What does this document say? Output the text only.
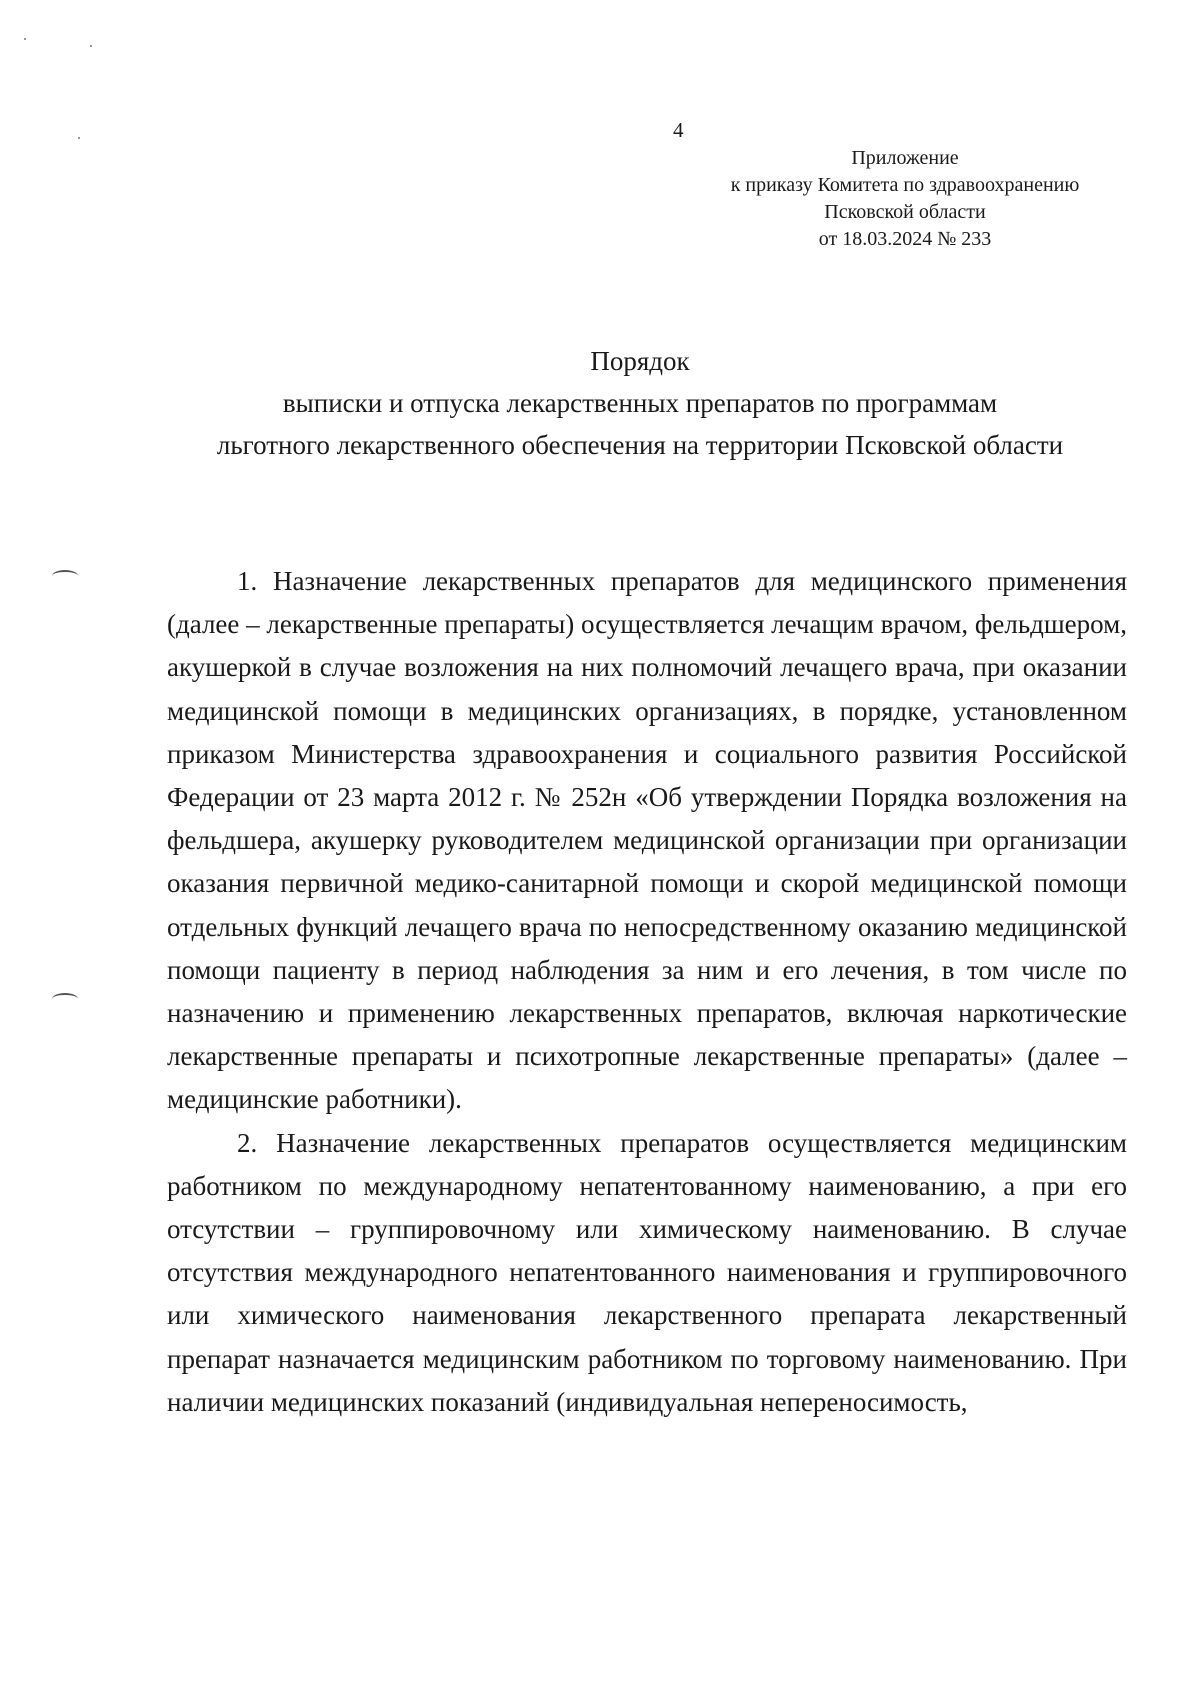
4
Приложение
к приказу Комитета по здравоохранению
Псковской области
от 18.03.2024 № 233
Порядок
выписки и отпуска лекарственных препаратов по программам
льготного лекарственного обеспечения на территории Псковской области

1. Назначение лекарственных препаратов для медицинского применения (далее – лекарственные препараты) осуществляется лечащим врачом, фельдшером, акушеркой в случае возложения на них полномочий лечащего врача, при оказании медицинской помощи в медицинских организациях, в порядке, установленном приказом Министерства здравоохранения и социального развития Российской Федерации от 23 марта 2012 г. № 252н «Об утверждении Порядка возложения на фельдшера, акушерку руководителем медицинской организации при организации оказания первичной медико-санитарной помощи и скорой медицинской помощи отдельных функций лечащего врача по непосредственному оказанию медицинской помощи пациенту в период наблюдения за ним и его лечения, в том числе по назначению и применению лекарственных препаратов, включая наркотические лекарственные препараты и психотропные лекарственные препараты» (далее – медицинские работники).

2. Назначение лекарственных препаратов осуществляется медицинским работником по международному непатентованному наименованию, а при его отсутствии – группировочному или химическому наименованию. В случае отсутствия международного непатентованного наименования и группировочного или химического наименования лекарственного препарата лекарственный препарат назначается медицинским работником по торговому наименованию. При наличии медицинских показаний (индивидуальная непереносимость,
